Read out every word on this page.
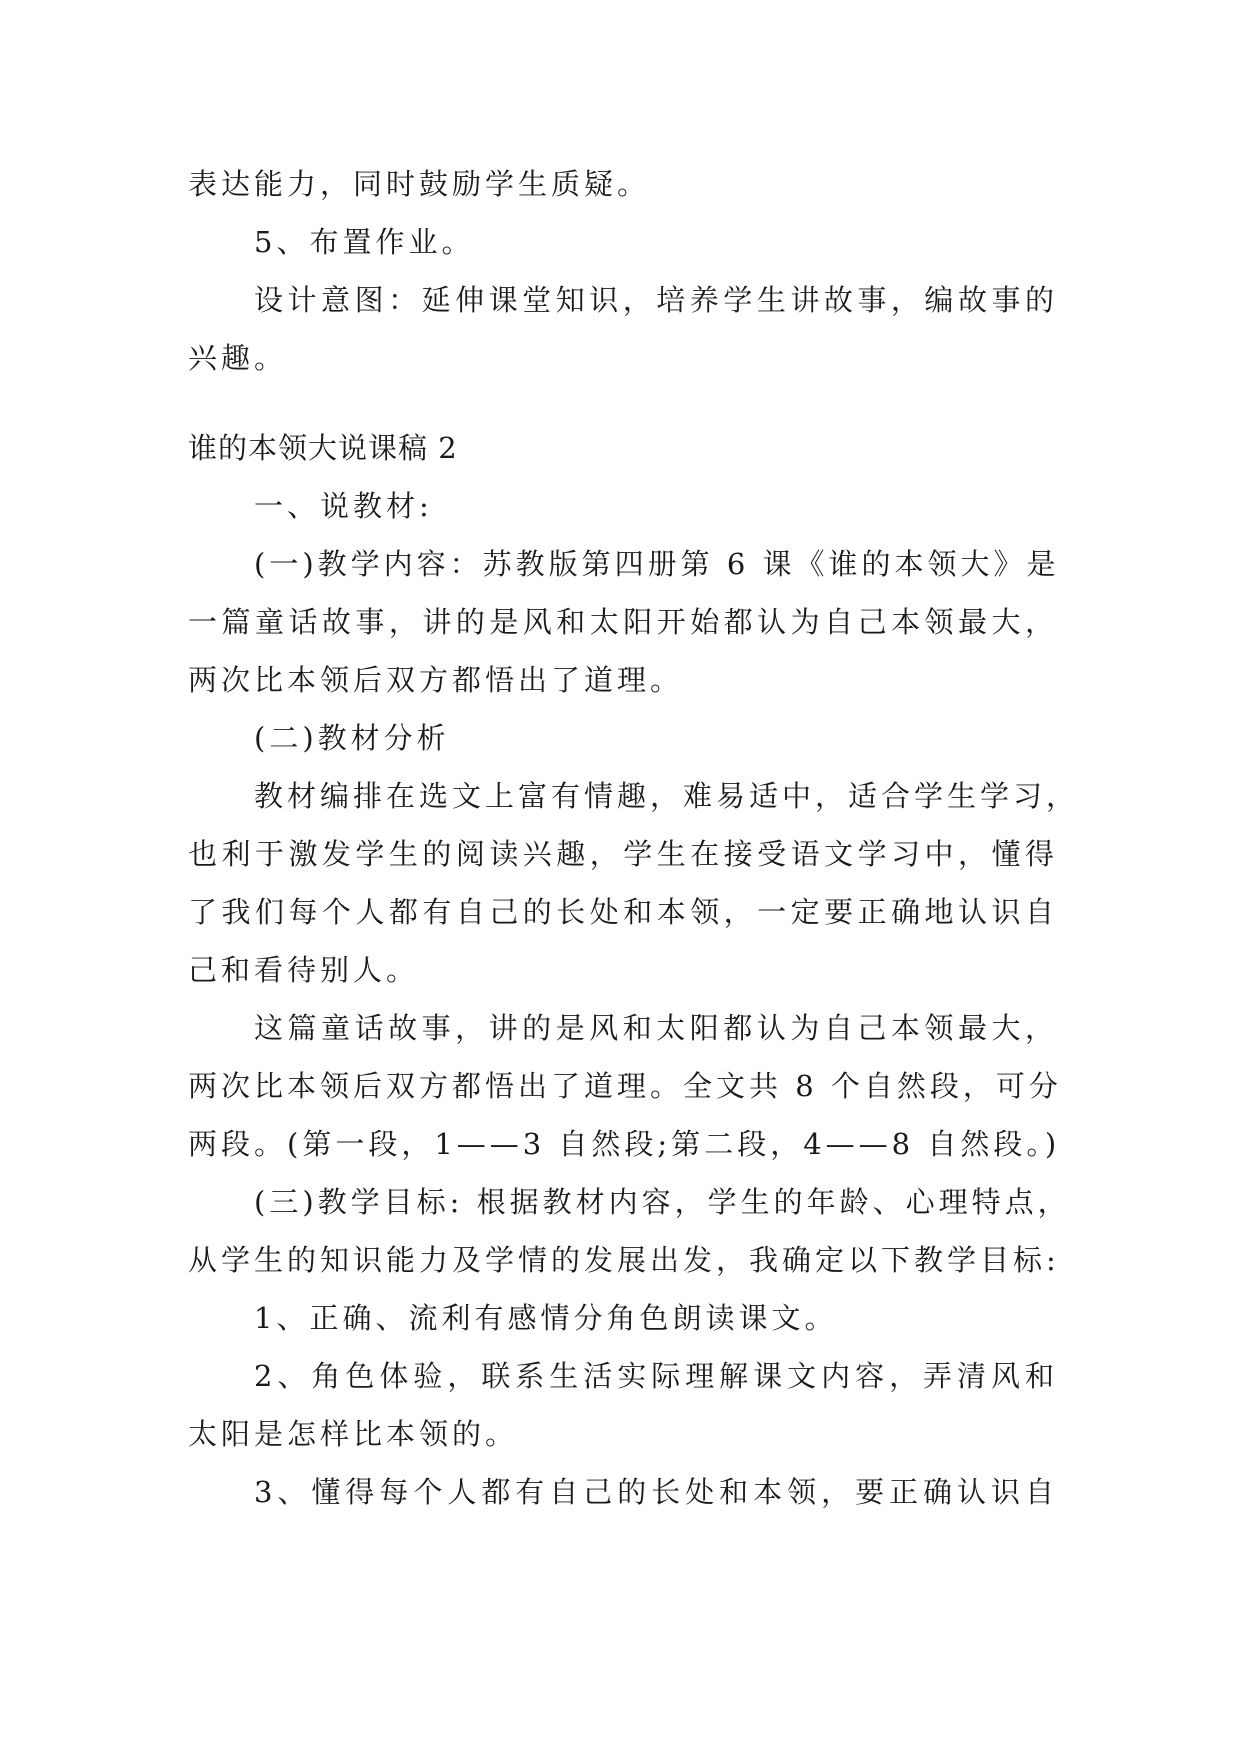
表达能力，同时鼓励学生质疑。
5、布置作业。
设计意图：延伸课堂知识，培养学生讲故事，编故事的
兴趣。
谁的本领大说课稿 2
一、说教材:
(一)教学内容：苏教版第四册第 6 课《谁的本领大》是
一篇童话故事，讲的是风和太阳开始都认为自己本领最大，
两次比本领后双方都悟出了道理。
(二)教材分析
教材编排在选文上富有情趣，难易适中，适合学生学习，
也利于激发学生的阅读兴趣，学生在接受语文学习中，懂得
了我们每个人都有自己的长处和本领，一定要正确地认识自
己和看待别人。
这篇童话故事，讲的是风和太阳都认为自己本领最大，
两次比本领后双方都悟出了道理。全文共 8 个自然段，可分
两段。(第一段，1——3 自然段;第二段，4——8 自然段。)
(三)教学目标: 根据教材内容，学生的年龄、心理特点，
从学生的知识能力及学情的发展出发，我确定以下教学目标:
1、正确、流利有感情分角色朗读课文。
2、角色体验，联系生活实际理解课文内容，弄清风和
太阳是怎样比本领的。
3、懂得每个人都有自己的长处和本领，要正确认识自
